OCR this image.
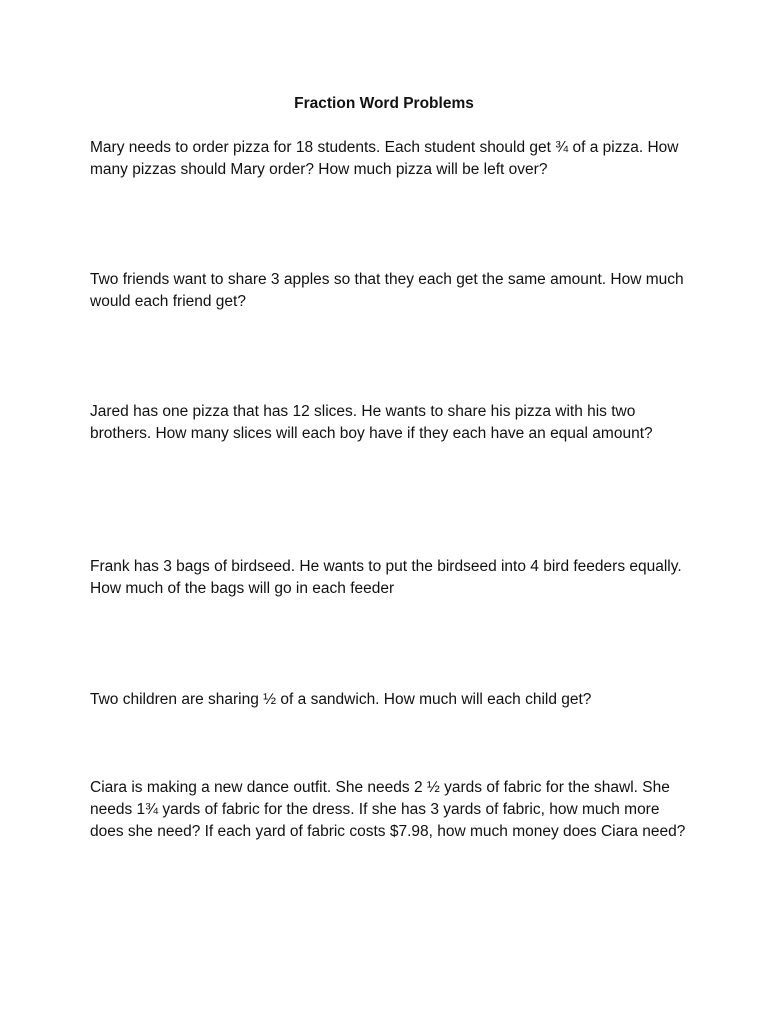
Fraction Word Problems

Mary needs to order pizza for 18 students. Each student should get ¾ of a pizza. How many pizzas should Mary order? How much pizza will be left over?

Two friends want to share 3 apples so that they each get the same amount. How much would each friend get?

Jared has one pizza that has 12 slices. He wants to share his pizza with his two brothers. How many slices will each boy have if they each have an equal amount?

Frank has 3 bags of birdseed. He wants to put the birdseed into 4 bird feeders equally. How much of the bags will go in each feeder

Two children are sharing ½ of a sandwich. How much will each child get?

Ciara is making a new dance outfit. She needs 2 ½ yards of fabric for the shawl. She needs 1¾ yards of fabric for the dress. If she has 3 yards of fabric, how much more does she need? If each yard of fabric costs $7.98, how much money does Ciara need?
